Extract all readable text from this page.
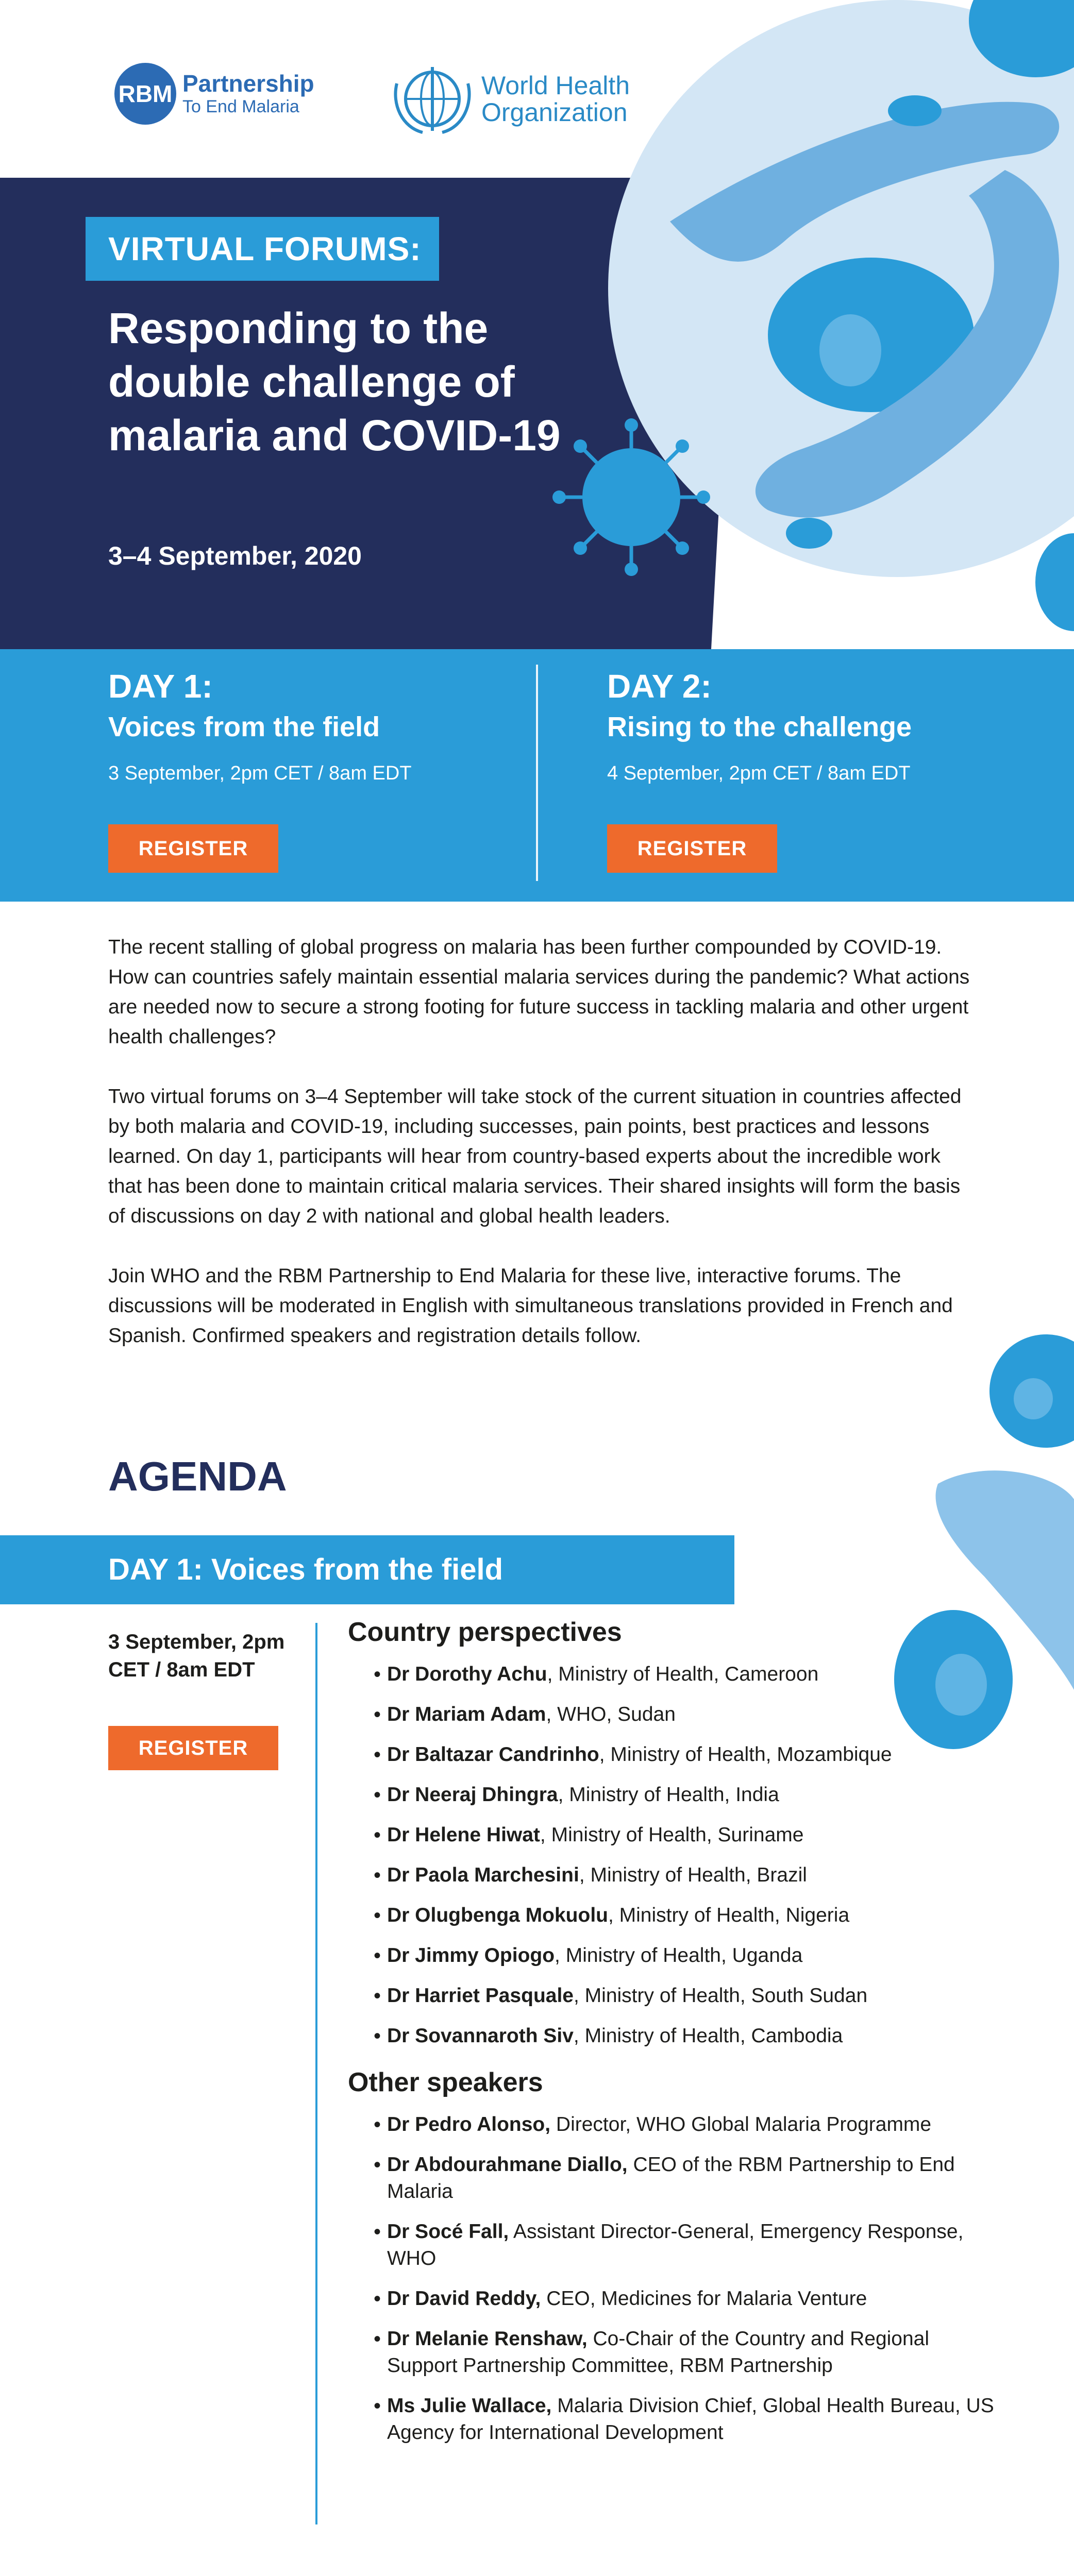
RBM Partnership
To End Malaria
World Health
Organization
VIRTUAL FORUMS:
Responding to the double challenge of malaria and COVID-19
3–4 September, 2020
DAY 1:
Voices from the field
3 September, 2pm CET / 8am EDT
REGISTER
DAY 2:
Rising to the challenge
4 September, 2pm CET / 8am EDT
REGISTER

The recent stalling of global progress on malaria has been further compounded by COVID-19. How can countries safely maintain essential malaria services during the pandemic? What actions are needed now to secure a strong footing for future success in tackling malaria and other urgent health challenges?

Two virtual forums on 3–4 September will take stock of the current situation in countries affected by both malaria and COVID-19, including successes, pain points, best practices and lessons learned. On day 1, participants will hear from country-based experts about the incredible work that has been done to maintain critical malaria services. Their shared insights will form the basis of discussions on day 2 with national and global health leaders.

Join WHO and the RBM Partnership to End Malaria for these live, interactive forums. The discussions will be moderated in English with simultaneous translations provided in French and Spanish. Confirmed speakers and registration details follow.

AGENDA
DAY 1: Voices from the field
3 September, 2pm CET / 8am EDT
REGISTER
Country perspectives
• Dr Dorothy Achu, Ministry of Health, Cameroon
• Dr Mariam Adam, WHO, Sudan
• Dr Baltazar Candrinho, Ministry of Health, Mozambique
• Dr Neeraj Dhingra, Ministry of Health, India
• Dr Helene Hiwat, Ministry of Health, Suriname
• Dr Paola Marchesini, Ministry of Health, Brazil
• Dr Olugbenga Mokuolu, Ministry of Health, Nigeria
• Dr Jimmy Opiogo, Ministry of Health, Uganda
• Dr Harriet Pasquale, Ministry of Health, South Sudan
• Dr Sovannaroth Siv, Ministry of Health, Cambodia
Other speakers
• Dr Pedro Alonso, Director, WHO Global Malaria Programme
• Dr Abdourahmane Diallo, CEO of the RBM Partnership to End Malaria
• Dr Socé Fall, Assistant Director-General, Emergency Response, WHO
• Dr David Reddy, CEO, Medicines for Malaria Venture
• Dr Melanie Renshaw, Co-Chair of the Country and Regional Support Partnership Committee, RBM Partnership
• Ms Julie Wallace, Malaria Division Chief, Global Health Bureau, US Agency for International Development
